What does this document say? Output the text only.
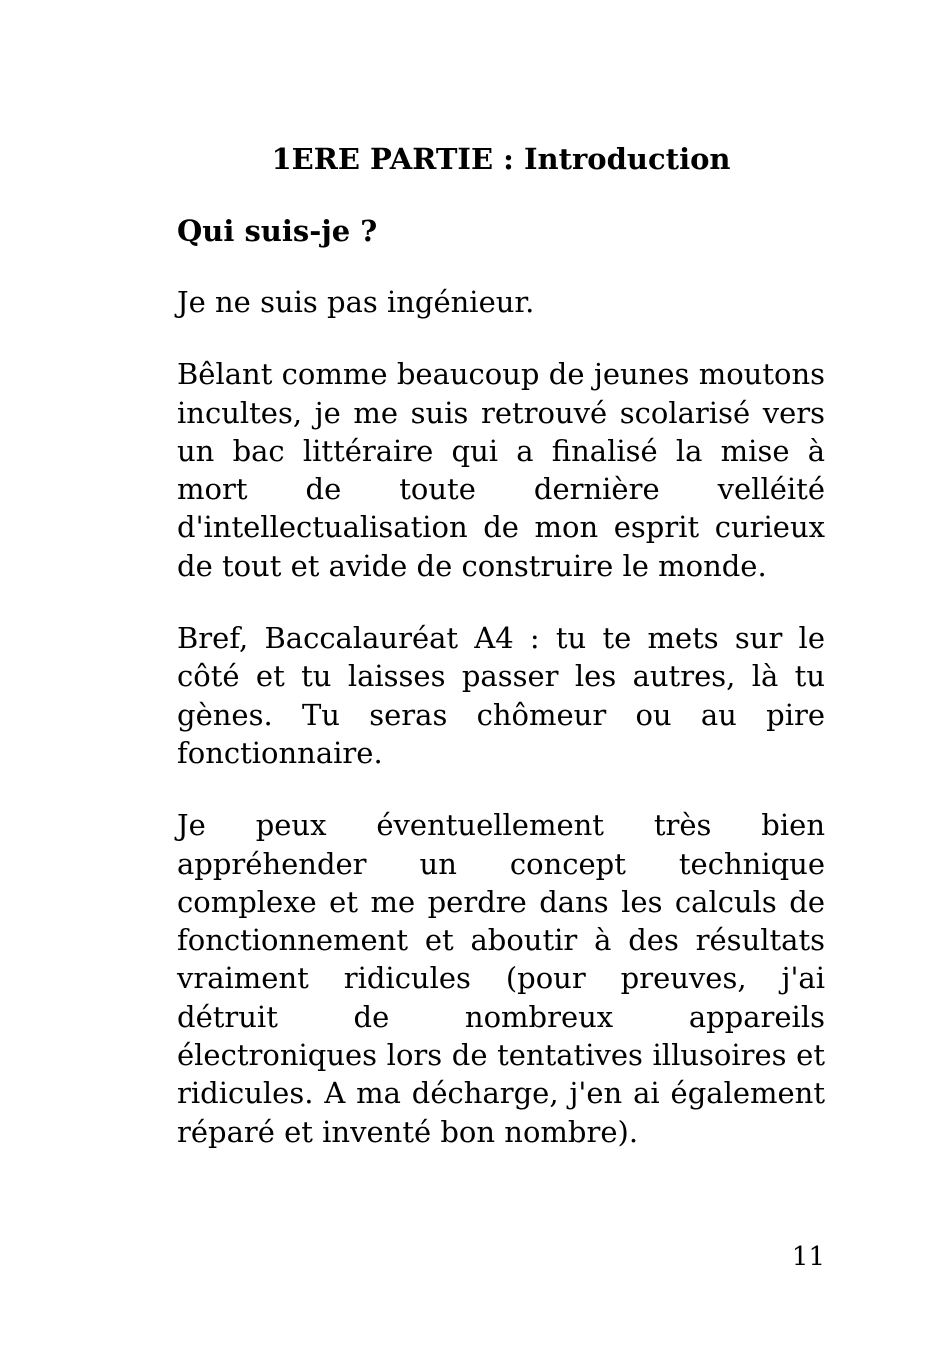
1ERE PARTIE : Introduction
Qui suis-je ?

Je ne suis pas ingénieur.

Bêlant comme beaucoup de jeunes moutons incultes, je me suis retrouvé scolarisé vers un bac littéraire qui a finalisé la mise à mort de toute dernière velléité d'intellectualisation de mon esprit curieux de tout et avide de construire le monde.

Bref, Baccalauréat A4 : tu te mets sur le côté et tu laisses passer les autres, là tu gènes. Tu seras chômeur ou au pire fonctionnaire.

Je peux éventuellement très bien appréhender un concept technique complexe et me perdre dans les calculs de fonctionnement et aboutir à des résultats vraiment ridicules (pour preuves, j'ai détruit de nombreux appareils électroniques lors de tentatives illusoires et ridicules. A ma décharge, j'en ai également réparé et inventé bon nombre).

11
